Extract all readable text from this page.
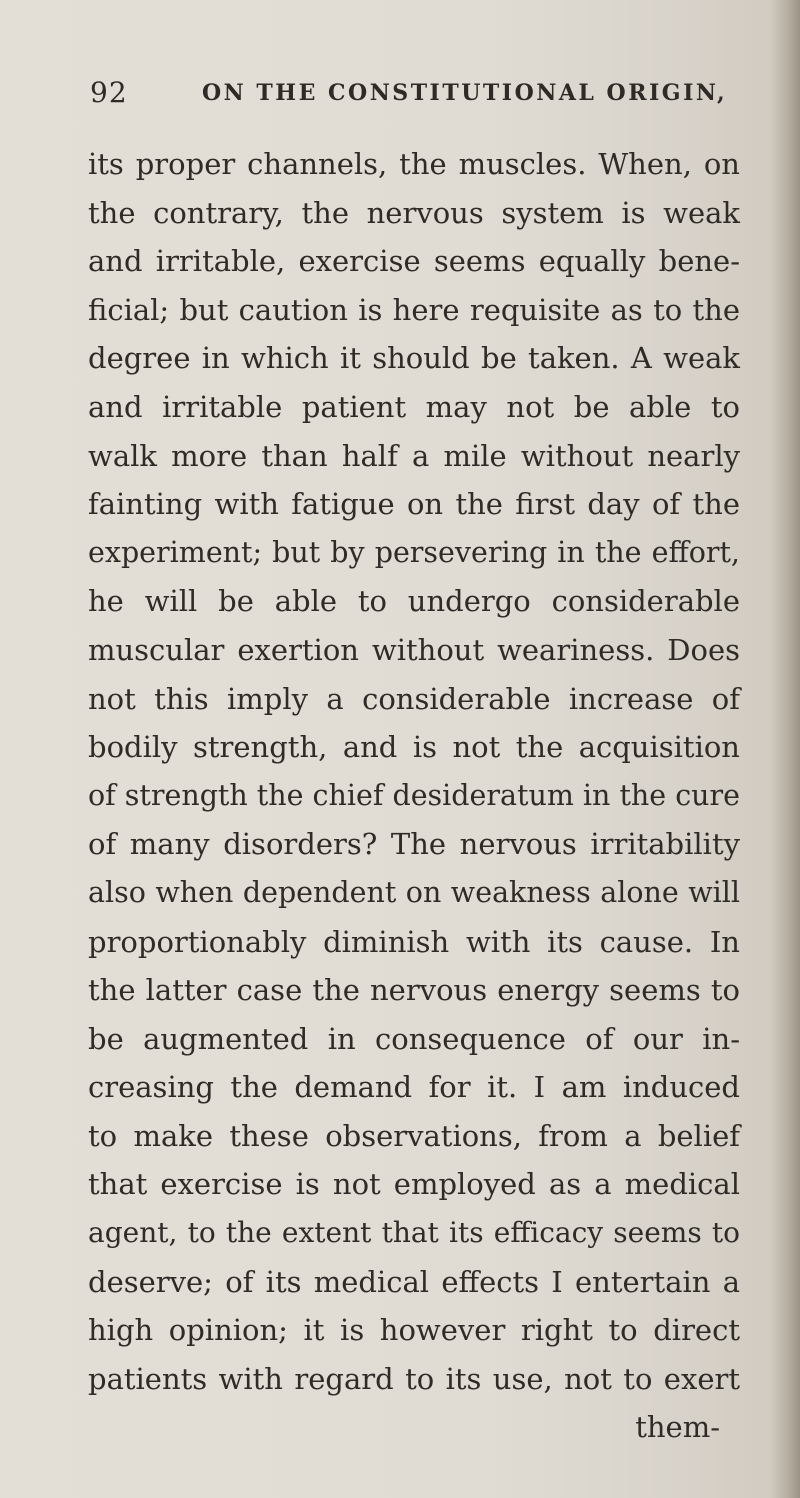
92	ON THE CONSTITUTIONAL ORIGIN,
its proper channels, the muscles. When, on
the contrary, the nervous system is weak
and irritable, exercise seems equally bene-
ficial; but caution is here requisite as to the
degree in which it should be taken. A weak
and irritable patient may not be able to
walk more than half a mile without nearly
fainting with fatigue on the first day of the
experiment; but by persevering in the effort,
he will be able to undergo considerable
muscular exertion without weariness. Does
not this imply a considerable increase of
bodily strength, and is not the acquisition
of strength the chief desideratum in the cure
of many disorders? The nervous irritability
also when dependent on weakness alone will
proportionably diminish with its cause. In
the latter case the nervous energy seems to
be augmented in consequence of our in-
creasing the demand for it. I am induced
to make these observations, from a belief
that exercise is not employed as a medical
agent, to the extent that its efficacy seems to
deserve; of its medical effects I entertain a
high opinion; it is however right to direct
patients with regard to its use, not to exert
them-
